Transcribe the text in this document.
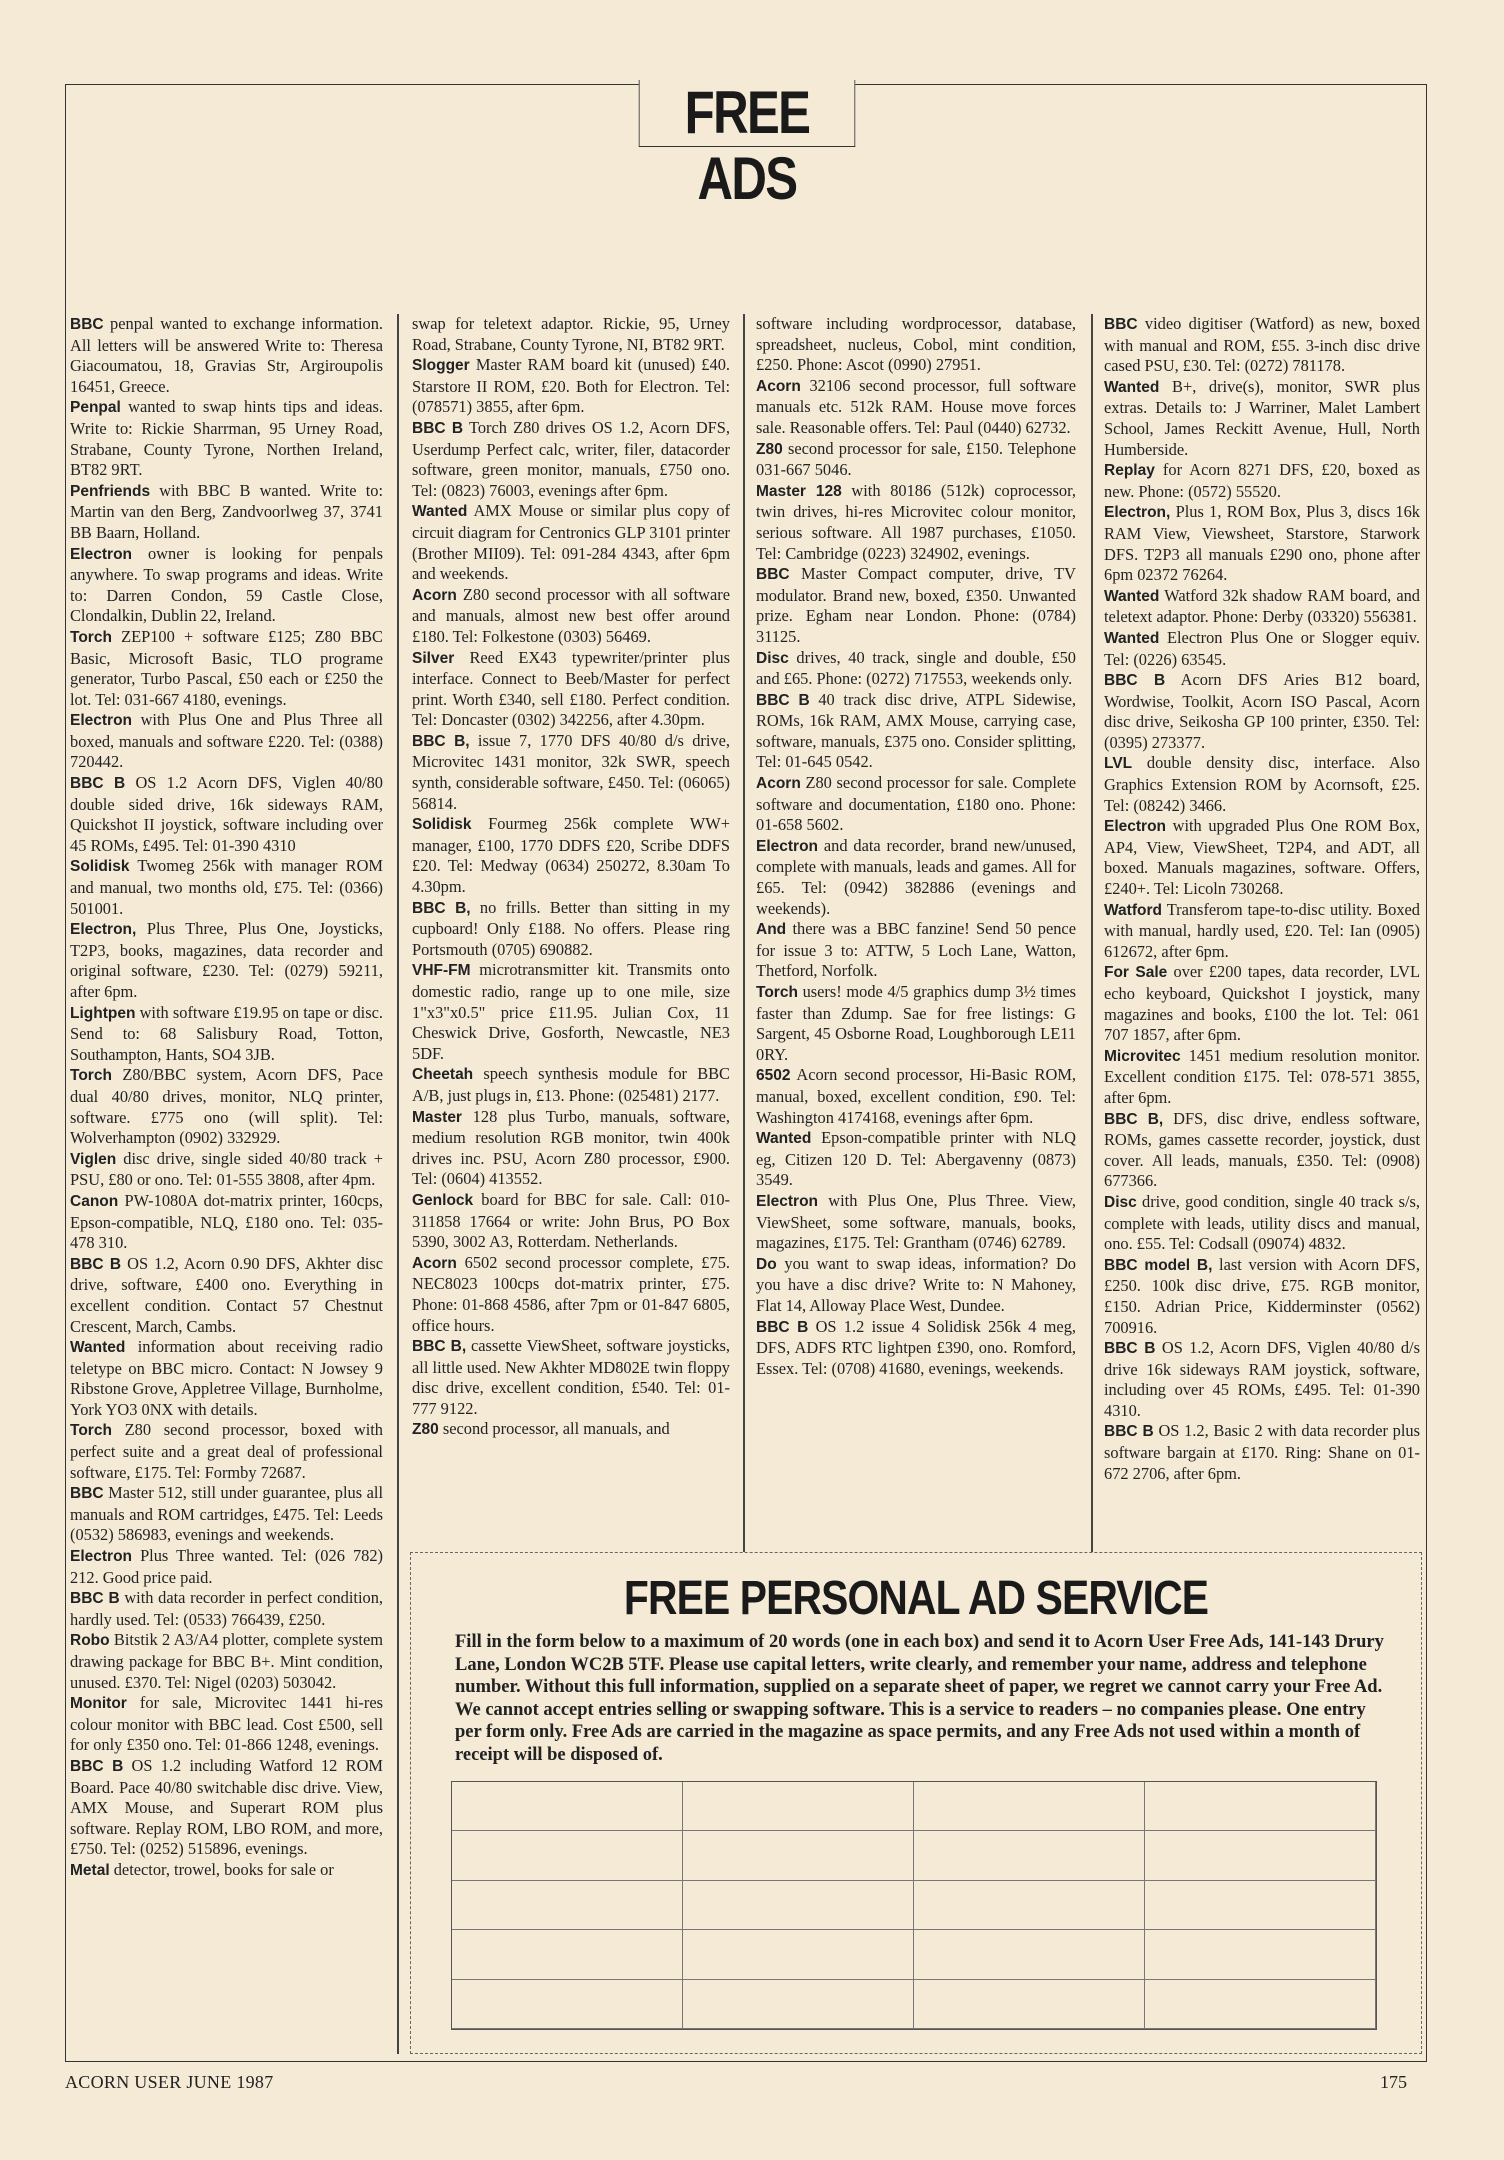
FREE ADS

BBC penpal wanted to exchange information. All letters will be answered Write to: Theresa Giacoumatou, 18, Gravias Str, Argiroupolis 16451, Greece.

Penpal wanted to swap hints tips and ideas. Write to: Rickie Sharrman, 95 Urney Road, Strabane, County Tyrone, Northen Ireland, BT82 9RT.

Penfriends with BBC B wanted. Write to: Martin van den Berg, Zandvoorlweg 37, 3741 BB Baarn, Holland.

Electron owner is looking for penpals anywhere. To swap programs and ideas. Write to: Darren Condon, 59 Castle Close, Clondalkin, Dublin 22, Ireland.

Torch ZEP100 + software £125; Z80 BBC Basic, Microsoft Basic, TLO programe generator, Turbo Pascal, £50 each or £250 the lot. Tel: 031-667 4180, evenings.

Electron with Plus One and Plus Three all boxed, manuals and software £220. Tel: (0388) 720442.

BBC B OS 1.2 Acorn DFS, Viglen 40/80 double sided drive, 16k sideways RAM, Quickshot II joystick, software including over 45 ROMs, £495. Tel: 01-390 4310

Solidisk Twomeg 256k with manager ROM and manual, two months old, £75. Tel: (0366) 501001.

Electron, Plus Three, Plus One, Joysticks, T2P3, books, magazines, data recorder and original software, £230. Tel: (0279) 59211, after 6pm.

Lightpen with software £19.95 on tape or disc. Send to: 68 Salisbury Road, Totton, Southampton, Hants, SO4 3JB.

Torch Z80/BBC system, Acorn DFS, Pace dual 40/80 drives, monitor, NLQ printer, software. £775 ono (will split). Tel: Wolverhampton (0902) 332929.

Viglen disc drive, single sided 40/80 track + PSU, £80 or ono. Tel: 01-555 3808, after 4pm.

Canon PW-1080A dot-matrix printer, 160cps, Epson-compatible, NLQ, £180 ono. Tel: 035-478 310.

BBC B OS 1.2, Acorn 0.90 DFS, Akhter disc drive, software, £400 ono. Everything in excellent condition. Contact 57 Chestnut Crescent, March, Cambs.

Wanted information about receiving radio teletype on BBC micro. Contact: N Jowsey 9 Ribstone Grove, Appletree Village, Burnholme, York YO3 0NX with details.

Torch Z80 second processor, boxed with perfect suite and a great deal of professional software, £175. Tel: Formby 72687.

BBC Master 512, still under guarantee, plus all manuals and ROM cartridges, £475. Tel: Leeds (0532) 586983, evenings and weekends.

Electron Plus Three wanted. Tel: (026 782) 212. Good price paid.

BBC B with data recorder in perfect condition, hardly used. Tel: (0533) 766439, £250.

Robo Bitstik 2 A3/A4 plotter, complete system drawing package for BBC B+. Mint condition, unused. £370. Tel: Nigel (0203) 503042.

Monitor for sale, Microvitec 1441 hi-res colour monitor with BBC lead. Cost £500, sell for only £350 ono. Tel: 01-866 1248, evenings.

BBC B OS 1.2 including Watford 12 ROM Board. Pace 40/80 switchable disc drive. View, AMX Mouse, and Superart ROM plus software. Replay ROM, LBO ROM, and more, £750. Tel: (0252) 515896, evenings.

Metal detector, trowel, books for sale or

swap for teletext adaptor. Rickie, 95, Urney Road, Strabane, County Tyrone, NI, BT82 9RT.

Slogger Master RAM board kit (unused) £40. Starstore II ROM, £20. Both for Electron. Tel: (078571) 3855, after 6pm.

BBC B Torch Z80 drives OS 1.2, Acorn DFS, Userdump Perfect calc, writer, filer, datacorder software, green monitor, manuals, £750 ono. Tel: (0823) 76003, evenings after 6pm.

Wanted AMX Mouse or similar plus copy of circuit diagram for Centronics GLP 3101 printer (Brother MII09). Tel: 091-284 4343, after 6pm and weekends.

Acorn Z80 second processor with all software and manuals, almost new best offer around £180. Tel: Folkestone (0303) 56469.

Silver Reed EX43 typewriter/printer plus interface. Connect to Beeb/Master for perfect print. Worth £340, sell £180. Perfect condition. Tel: Doncaster (0302) 342256, after 4.30pm.

BBC B, issue 7, 1770 DFS 40/80 d/s drive, Microvitec 1431 monitor, 32k SWR, speech synth, considerable software, £450. Tel: (06065) 56814.

Solidisk Fourmeg 256k complete WW+ manager, £100, 1770 DDFS £20, Scribe DDFS £20. Tel: Medway (0634) 250272, 8.30am To 4.30pm.

BBC B, no frills. Better than sitting in my cupboard! Only £188. No offers. Please ring Portsmouth (0705) 690882.

VHF-FM microtransmitter kit. Transmits onto domestic radio, range up to one mile, size 1"x3"x0.5" price £11.95. Julian Cox, 11 Cheswick Drive, Gosforth, Newcastle, NE3 5DF.

Cheetah speech synthesis module for BBC A/B, just plugs in, £13. Phone: (025481) 2177.

Master 128 plus Turbo, manuals, software, medium resolution RGB monitor, twin 400k drives inc. PSU, Acorn Z80 processor, £900. Tel: (0604) 413552.

Genlock board for BBC for sale. Call: 010-311858 17664 or write: John Brus, PO Box 5390, 3002 A3, Rotterdam. Netherlands.

Acorn 6502 second processor complete, £75. NEC8023 100cps dot-matrix printer, £75. Phone: 01-868 4586, after 7pm or 01-847 6805, office hours.

BBC B, cassette ViewSheet, software joysticks, all little used. New Akhter MD802E twin floppy disc drive, excellent condition, £540. Tel: 01-777 9122.

Z80 second processor, all manuals, and

software including wordprocessor, database, spreadsheet, nucleus, Cobol, mint condition, £250. Phone: Ascot (0990) 27951.

Acorn 32106 second processor, full software manuals etc. 512k RAM. House move forces sale. Reasonable offers. Tel: Paul (0440) 62732.

Z80 second processor for sale, £150. Telephone 031-667 5046.

Master 128 with 80186 (512k) coprocessor, twin drives, hi-res Microvitec colour monitor, serious software. All 1987 purchases, £1050. Tel: Cambridge (0223) 324902, evenings.

BBC Master Compact computer, drive, TV modulator. Brand new, boxed, £350. Unwanted prize. Egham near London. Phone: (0784) 31125.

Disc drives, 40 track, single and double, £50 and £65. Phone: (0272) 717553, weekends only.

BBC B 40 track disc drive, ATPL Sidewise, ROMs, 16k RAM, AMX Mouse, carrying case, software, manuals, £375 ono. Consider splitting, Tel: 01-645 0542.

Acorn Z80 second processor for sale. Complete software and documentation, £180 ono. Phone: 01-658 5602.

Electron and data recorder, brand new/unused, complete with manuals, leads and games. All for £65. Tel: (0942) 382886 (evenings and weekends).

And there was a BBC fanzine! Send 50 pence for issue 3 to: ATTW, 5 Loch Lane, Watton, Thetford, Norfolk.

Torch users! mode 4/5 graphics dump 3½ times faster than Zdump. Sae for free listings: G Sargent, 45 Osborne Road, Loughborough LE11 0RY.

6502 Acorn second processor, Hi-Basic ROM, manual, boxed, excellent condition, £90. Tel: Washington 4174168, evenings after 6pm.

Wanted Epson-compatible printer with NLQ eg, Citizen 120 D. Tel: Abergavenny (0873) 3549.

Electron with Plus One, Plus Three. View, ViewSheet, some software, manuals, books, magazines, £175. Tel: Grantham (0746) 62789.

Do you want to swap ideas, information? Do you have a disc drive? Write to: N Mahoney, Flat 14, Alloway Place West, Dundee.

BBC B OS 1.2 issue 4 Solidisk 256k 4 meg, DFS, ADFS RTC lightpen £390, ono. Romford, Essex. Tel: (0708) 41680, evenings, weekends.

BBC video digitiser (Watford) as new, boxed with manual and ROM, £55. 3-inch disc drive cased PSU, £30. Tel: (0272) 781178.

Wanted B+, drive(s), monitor, SWR plus extras. Details to: J Warriner, Malet Lambert School, James Reckitt Avenue, Hull, North Humberside.

Replay for Acorn 8271 DFS, £20, boxed as new. Phone: (0572) 55520.

Electron, Plus 1, ROM Box, Plus 3, discs 16k RAM View, Viewsheet, Starstore, Starwork DFS. T2P3 all manuals £290 ono, phone after 6pm 02372 76264.

Wanted Watford 32k shadow RAM board, and teletext adaptor. Phone: Derby (03320) 556381.

Wanted Electron Plus One or Slogger equiv. Tel: (0226) 63545.

BBC B Acorn DFS Aries B12 board, Wordwise, Toolkit, Acorn ISO Pascal, Acorn disc drive, Seikosha GP 100 printer, £350. Tel: (0395) 273377.

LVL double density disc, interface. Also Graphics Extension ROM by Acornsoft, £25. Tel: (08242) 3466.

Electron with upgraded Plus One ROM Box, AP4, View, ViewSheet, T2P4, and ADT, all boxed. Manuals magazines, software. Offers, £240+. Tel: Licoln 730268.

Watford Transferom tape-to-disc utility. Boxed with manual, hardly used, £20. Tel: Ian (0905) 612672, after 6pm.

For Sale over £200 tapes, data recorder, LVL echo keyboard, Quickshot I joystick, many magazines and books, £100 the lot. Tel: 061 707 1857, after 6pm.

Microvitec 1451 medium resolution monitor. Excellent condition £175. Tel: 078-571 3855, after 6pm.

BBC B, DFS, disc drive, endless software, ROMs, games cassette recorder, joystick, dust cover. All leads, manuals, £350. Tel: (0908) 677366.

Disc drive, good condition, single 40 track s/s, complete with leads, utility discs and manual, ono. £55. Tel: Codsall (09074) 4832.

BBC model B, last version with Acorn DFS, £250. 100k disc drive, £75. RGB monitor, £150. Adrian Price, Kidderminster (0562) 700916.

BBC B OS 1.2, Acorn DFS, Viglen 40/80 d/s drive 16k sideways RAM joystick, software, including over 45 ROMs, £495. Tel: 01-390 4310.

BBC B OS 1.2, Basic 2 with data recorder plus software bargain at £170. Ring: Shane on 01-672 2706, after 6pm.

FREE PERSONAL AD SERVICE
Fill in the form below to a maximum of 20 words (one in each box) and send it to Acorn User Free Ads, 141-143 Drury Lane, London WC2B 5TF. Please use capital letters, write clearly, and remember your name, address and telephone number. Without this full information, supplied on a separate sheet of paper, we regret we cannot carry your Free Ad. We cannot accept entries selling or swapping software. This is a service to readers – no companies please. One entry per form only. Free Ads are carried in the magazine as space permits, and any Free Ads not used within a month of receipt will be disposed of.
ACORN USER JUNE 1987	175
